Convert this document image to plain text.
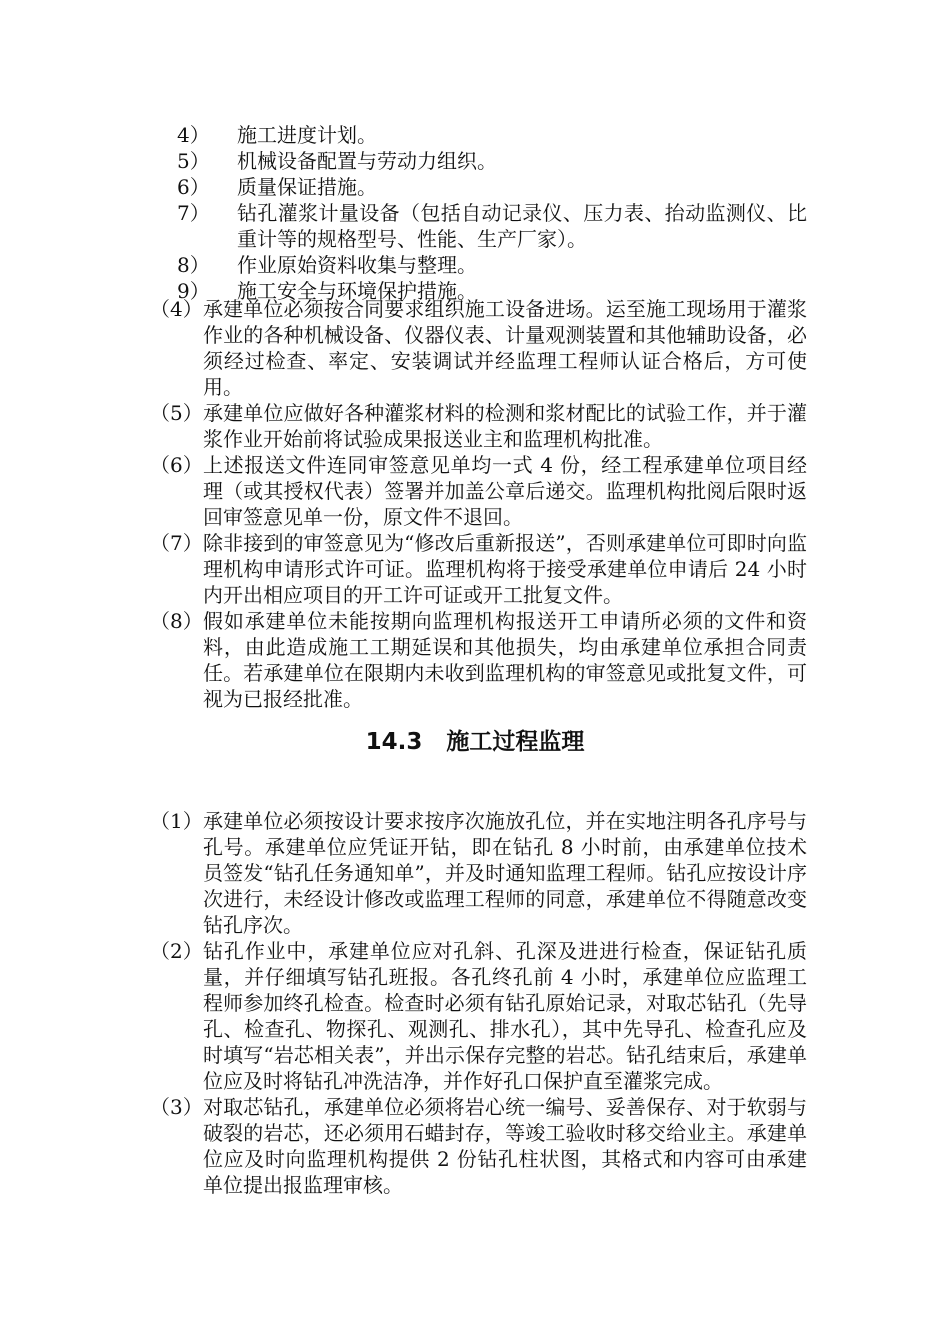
4）	施工进度计划。
5）	机械设备配置与劳动力组织。
6）	质量保证措施。
7）	钻孔灌浆计量设备（包括自动记录仪、压力表、抬动监测仪、比重计等的规格型号、性能、生产厂家）。
8）	作业原始资料收集与整理。
9）	施工安全与环境保护措施。
（4） 承建单位必须按合同要求组织施工设备进场。运至施工现场用于灌浆作业的各种机械设备、仪器仪表、计量观测装置和其他辅助设备，必须经过检查、率定、安装调试并经监理工程师认证合格后，方可使用。
（5） 承建单位应做好各种灌浆材料的检测和浆材配比的试验工作，并于灌浆作业开始前将试验成果报送业主和监理机构批准。
（6） 上述报送文件连同审签意见单均一式 4 份，经工程承建单位项目经理（或其授权代表）签署并加盖公章后递交。监理机构批阅后限时返回审签意见单一份，原文件不退回。
（7） 除非接到的审签意见为“修改后重新报送”，否则承建单位可即时向监理机构申请形式许可证。监理机构将于接受承建单位申请后 24 小时内开出相应项目的开工许可证或开工批复文件。
（8） 假如承建单位未能按期向监理机构报送开工申请所必须的文件和资料，由此造成施工工期延误和其他损失，均由承建单位承担合同责任。若承建单位在限期内未收到监理机构的审签意见或批复文件，可视为已报经批准。
14.3 施工过程监理
（1） 承建单位必须按设计要求按序次施放孔位，并在实地注明各孔序号与孔号。承建单位应凭证开钻，即在钻孔 8 小时前，由承建单位技术员签发“钻孔任务通知单”，并及时通知监理工程师。钻孔应按设计序次进行，未经设计修改或监理工程师的同意，承建单位不得随意改变钻孔序次。
（2） 钻孔作业中，承建单位应对孔斜、孔深及进进行检查，保证钻孔质量，并仔细填写钻孔班报。各孔终孔前 4 小时，承建单位应监理工程师参加终孔检查。检查时必须有钻孔原始记录，对取芯钻孔（先导孔、检查孔、物探孔、观测孔、排水孔），其中先导孔、检查孔应及时填写“岩芯相关表”，并出示保存完整的岩芯。钻孔结束后，承建单位应及时将钻孔冲洗洁净，并作好孔口保护直至灌浆完成。
（3） 对取芯钻孔，承建单位必须将岩心统一编号、妥善保存、对于软弱与破裂的岩芯，还必须用石蜡封存，等竣工验收时移交给业主。承建单位应及时向监理机构提供 2 份钻孔柱状图，其格式和内容可由承建单位提出报监理审核。
